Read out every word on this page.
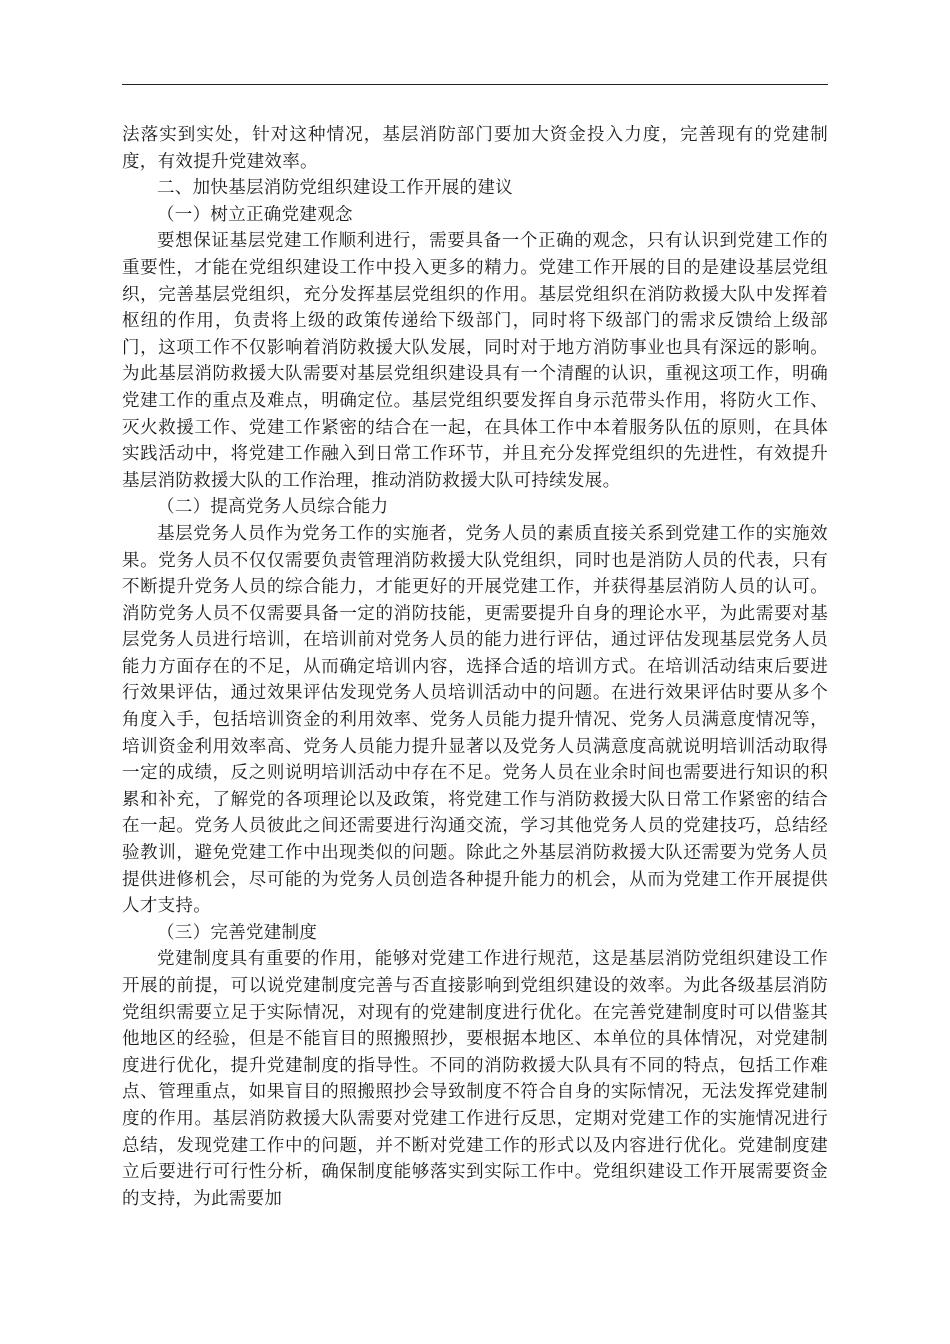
法落实到实处，针对这种情况，基层消防部门要加大资金投入力度，完善现有的党建制度，有效提升党建效率。

二、加快基层消防党组织建设工作开展的建议

（一）树立正确党建观念

要想保证基层党建工作顺利进行，需要具备一个正确的观念，只有认识到党建工作的重要性，才能在党组织建设工作中投入更多的精力。党建工作开展的目的是建设基层党组织，完善基层党组织，充分发挥基层党组织的作用。基层党组织在消防救援大队中发挥着枢纽的作用，负责将上级的政策传递给下级部门，同时将下级部门的需求反馈给上级部门，这项工作不仅影响着消防救援大队发展，同时对于地方消防事业也具有深远的影响。为此基层消防救援大队需要对基层党组织建设具有一个清醒的认识，重视这项工作，明确党建工作的重点及难点，明确定位。基层党组织要发挥自身示范带头作用，将防火工作、灭火救援工作、党建工作紧密的结合在一起，在具体工作中本着服务队伍的原则，在具体实践活动中，将党建工作融入到日常工作环节，并且充分发挥党组织的先进性，有效提升基层消防救援大队的工作治理，推动消防救援大队可持续发展。

（二）提高党务人员综合能力

基层党务人员作为党务工作的实施者，党务人员的素质直接关系到党建工作的实施效果。党务人员不仅仅需要负责管理消防救援大队党组织，同时也是消防人员的代表，只有不断提升党务人员的综合能力，才能更好的开展党建工作，并获得基层消防人员的认可。消防党务人员不仅需要具备一定的消防技能，更需要提升自身的理论水平，为此需要对基层党务人员进行培训，在培训前对党务人员的能力进行评估，通过评估发现基层党务人员能力方面存在的不足，从而确定培训内容，选择合适的培训方式。在培训活动结束后要进行效果评估，通过效果评估发现党务人员培训活动中的问题。在进行效果评估时要从多个角度入手，包括培训资金的利用效率、党务人员能力提升情况、党务人员满意度情况等，培训资金利用效率高、党务人员能力提升显著以及党务人员满意度高就说明培训活动取得一定的成绩，反之则说明培训活动中存在不足。党务人员在业余时间也需要进行知识的积累和补充，了解党的各项理论以及政策，将党建工作与消防救援大队日常工作紧密的结合在一起。党务人员彼此之间还需要进行沟通交流，学习其他党务人员的党建技巧，总结经验教训，避免党建工作中出现类似的问题。除此之外基层消防救援大队还需要为党务人员提供进修机会，尽可能的为党务人员创造各种提升能力的机会，从而为党建工作开展提供人才支持。

（三）完善党建制度

党建制度具有重要的作用，能够对党建工作进行规范，这是基层消防党组织建设工作开展的前提，可以说党建制度完善与否直接影响到党组织建设的效率。为此各级基层消防党组织需要立足于实际情况，对现有的党建制度进行优化。在完善党建制度时可以借鉴其他地区的经验，但是不能盲目的照搬照抄，要根据本地区、本单位的具体情况，对党建制度进行优化，提升党建制度的指导性。不同的消防救援大队具有不同的特点，包括工作难点、管理重点，如果盲目的照搬照抄会导致制度不符合自身的实际情况，无法发挥党建制度的作用。基层消防救援大队需要对党建工作进行反思，定期对党建工作的实施情况进行总结，发现党建工作中的问题，并不断对党建工作的形式以及内容进行优化。党建制度建立后要进行可行性分析，确保制度能够落实到实际工作中。党组织建设工作开展需要资金的支持，为此需要加
